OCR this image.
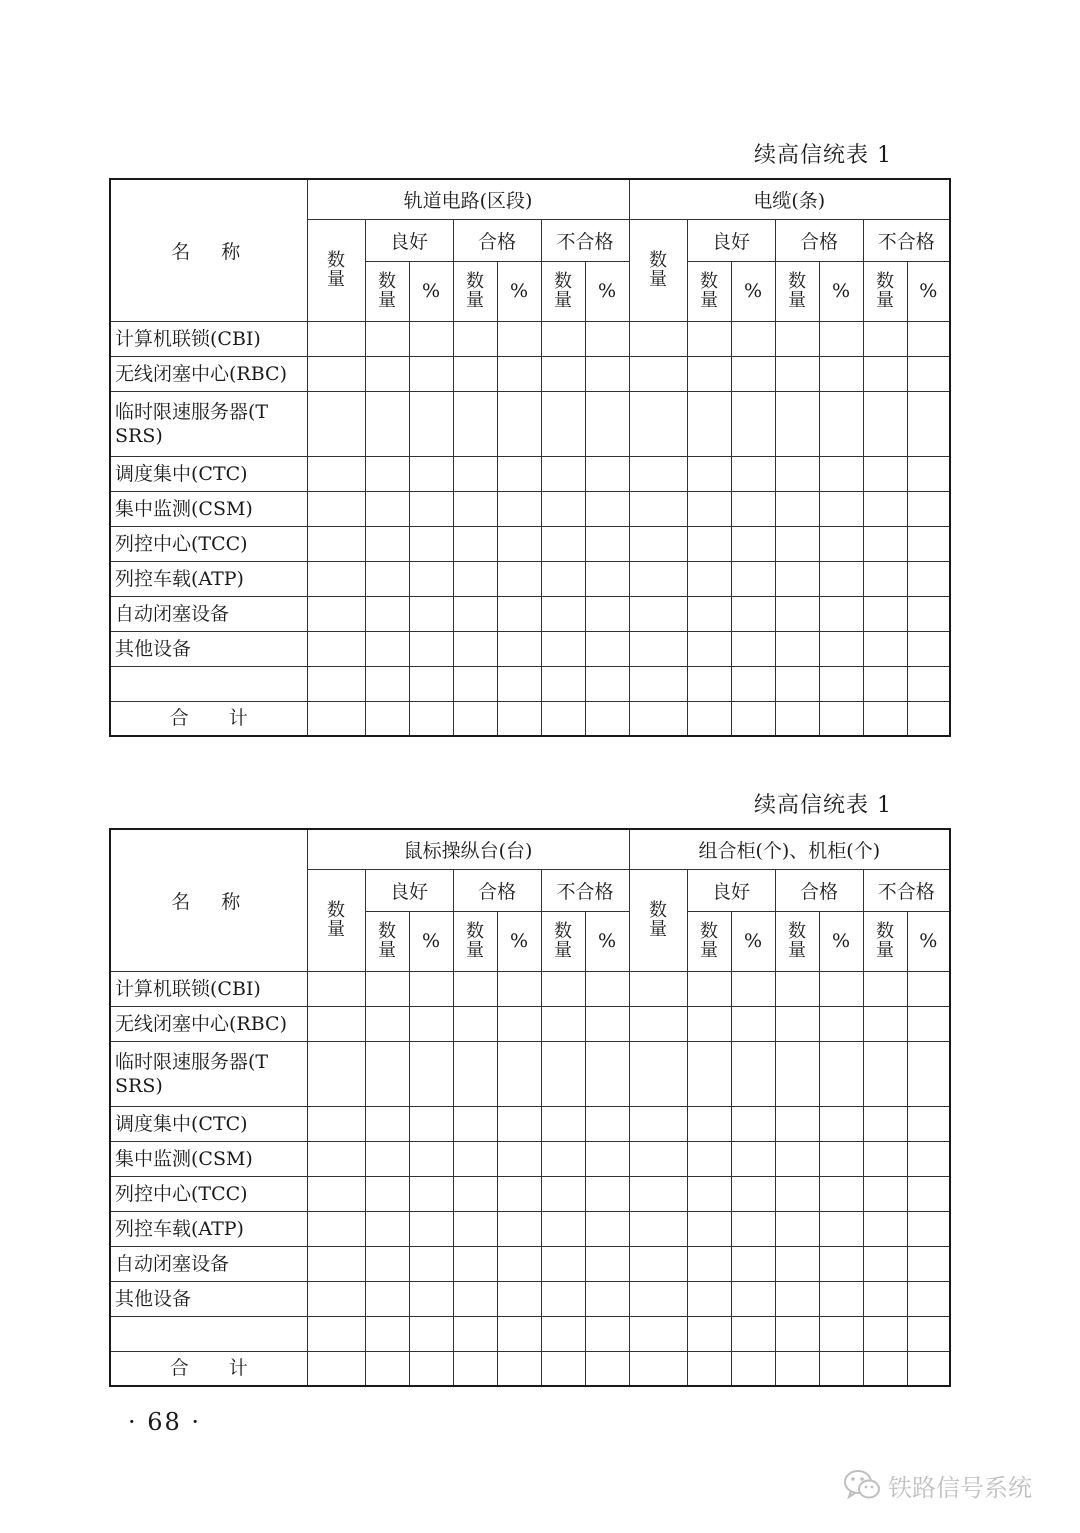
续高信统表 1
名　称	轨道电路(区段)							电缆(条)						
	数量	良好		合格		不合格		数量	良好		合格		不合格	
		数量	%	数量	%	数量	%		数量	%	数量	%	数量	%
计算机联锁(CBI)														
无线闭塞中心(RBC)														
临时限速服务器(TSRS)														
调度集中(CTC)														
集中监测(CSM)														
列控中心(TCC)														
列控车载(ATP)														
自动闭塞设备														
其他设备														

合计														
续高信统表 1
名　称	鼠标操纵台(台)							组合柜(个)、机柜(个)						
	数量	良好		合格		不合格		数量	良好		合格		不合格	
		数量	%	数量	%	数量	%		数量	%	数量	%	数量	%
计算机联锁(CBI)														
无线闭塞中心(RBC)														
临时限速服务器(TSRS)														
调度集中(CTC)														
集中监测(CSM)														
列控中心(TCC)														
列控车载(ATP)														
自动闭塞设备														
其他设备														

合计														
· 68 ·
铁路信号系统
